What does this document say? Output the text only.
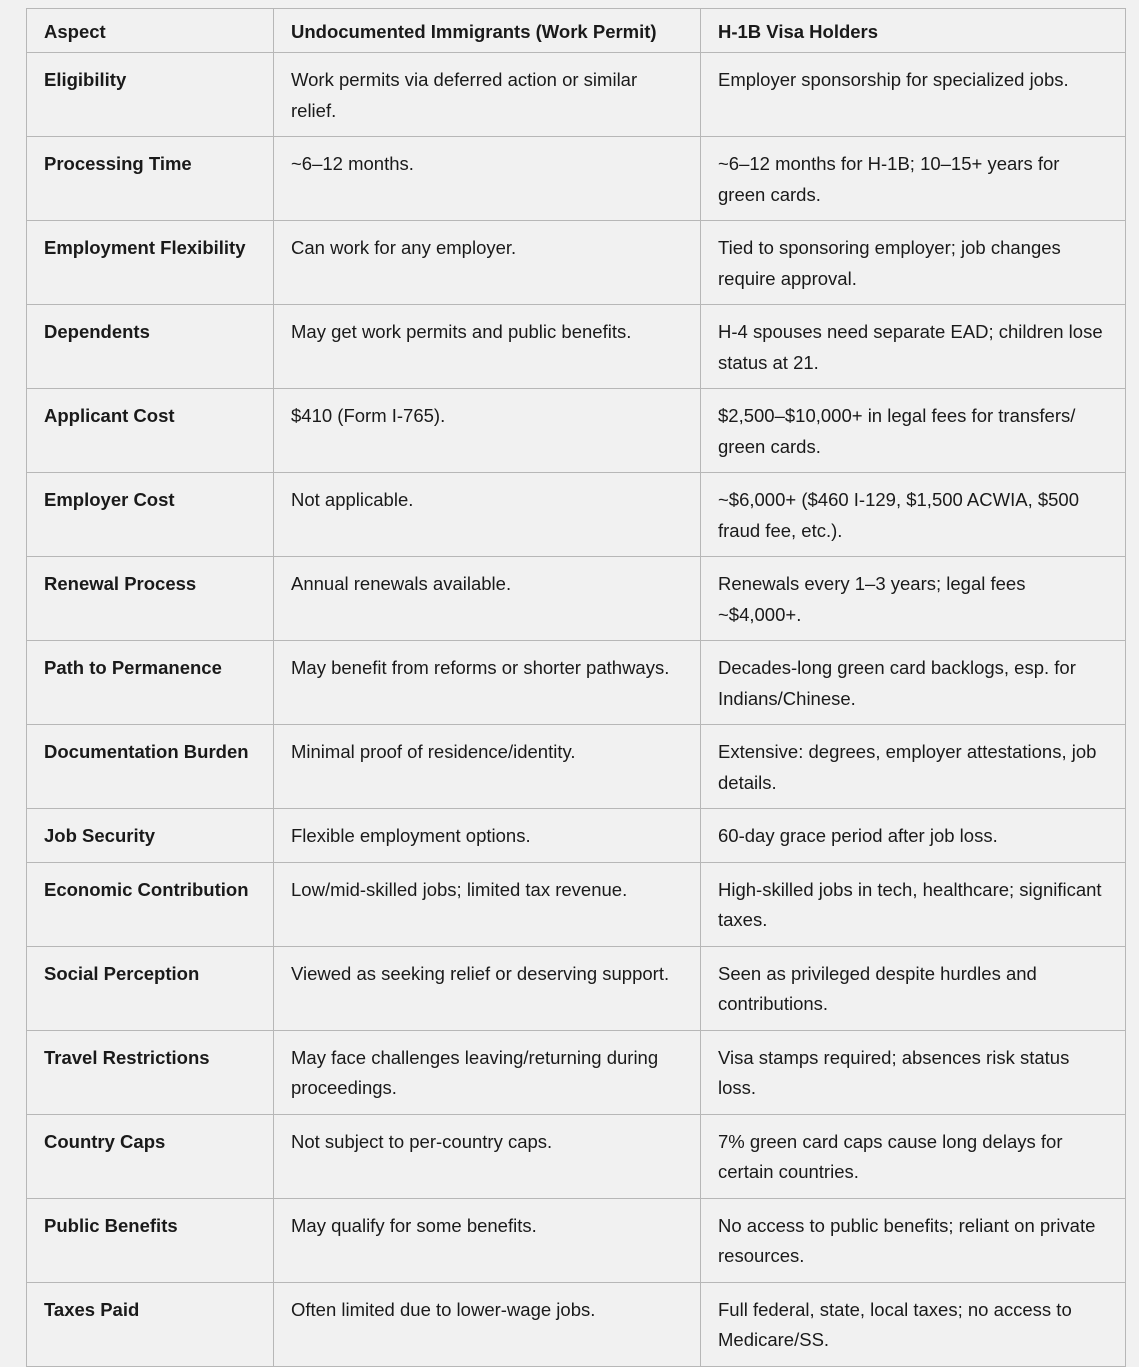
Aspect	Undocumented Immigrants (Work Permit)	H-1B Visa Holders
Eligibility	Work permits via deferred action or similar relief.	Employer sponsorship for specialized jobs.
Processing Time	~6–12 months.	~6–12 months for H-1B; 10–15+ years for green cards.
Employment Flexibility	Can work for any employer.	Tied to sponsoring employer; job changes require approval.
Dependents	May get work permits and public benefits.	H-4 spouses need separate EAD; children lose status at 21.
Applicant Cost	$410 (Form I-765).	$2,500–$10,000+ in legal fees for transfers/ green cards.
Employer Cost	Not applicable.	~$6,000+ ($460 I-129, $1,500 ACWIA, $500 fraud fee, etc.).
Renewal Process	Annual renewals available.	Renewals every 1–3 years; legal fees ~$4,000+.
Path to Permanence	May benefit from reforms or shorter pathways.	Decades-long green card backlogs, esp. for Indians/Chinese.
Documentation Burden	Minimal proof of residence/identity.	Extensive: degrees, employer attestations, job details.
Job Security	Flexible employment options.	60-day grace period after job loss.
Economic Contribution	Low/mid-skilled jobs; limited tax revenue.	High-skilled jobs in tech, healthcare; significant taxes.
Social Perception	Viewed as seeking relief or deserving support.	Seen as privileged despite hurdles and contributions.
Travel Restrictions	May face challenges leaving/returning during proceedings.	Visa stamps required; absences risk status loss.
Country Caps	Not subject to per-country caps.	7% green card caps cause long delays for certain countries.
Public Benefits	May qualify for some benefits.	No access to public benefits; reliant on private resources.
Taxes Paid	Often limited due to lower-wage jobs.	Full federal, state, local taxes; no access to Medicare/SS.
